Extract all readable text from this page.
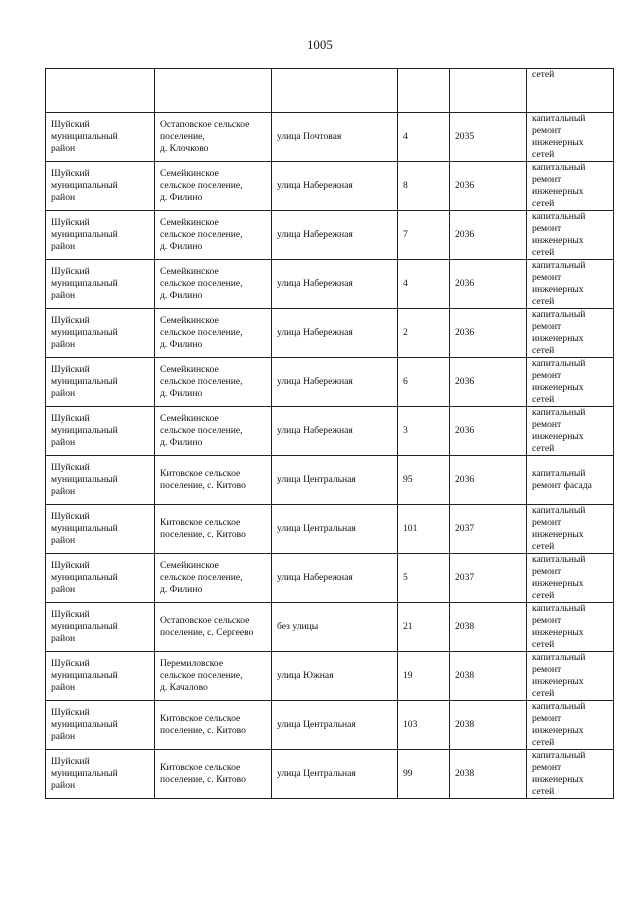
1005
					сетей
Шуйский
муниципальный
район	Остаповское сельское
поселение,
д. Клочково	улица Почтовая	4	2035	капитальный
ремонт
инженерных
сетей
Шуйский
муниципальный
район	Семейкинское
сельское поселение,
д. Филино	улица Набережная	8	2036	капитальный
ремонт
инженерных
сетей
Шуйский
муниципальный
район	Семейкинское
сельское поселение,
д. Филино	улица Набережная	7	2036	капитальный
ремонт
инженерных
сетей
Шуйский
муниципальный
район	Семейкинское
сельское поселение,
д. Филино	улица Набережная	4	2036	капитальный
ремонт
инженерных
сетей
Шуйский
муниципальный
район	Семейкинское
сельское поселение,
д. Филино	улица Набережная	2	2036	капитальный
ремонт
инженерных
сетей
Шуйский
муниципальный
район	Семейкинское
сельское поселение,
д. Филино	улица Набережная	6	2036	капитальный
ремонт
инженерных
сетей
Шуйский
муниципальный
район	Семейкинское
сельское поселение,
д. Филино	улица Набережная	3	2036	капитальный
ремонт
инженерных
сетей
Шуйский
муниципальный
район	Китовское сельское
поселение, с. Китово	улица Центральная	95	2036	капитальный
ремонт фасада
Шуйский
муниципальный
район	Китовское сельское
поселение, с. Китово	улица Центральная	101	2037	капитальный
ремонт
инженерных
сетей
Шуйский
муниципальный
район	Семейкинское
сельское поселение,
д. Филино	улица Набережная	5	2037	капитальный
ремонт
инженерных
сетей
Шуйский
муниципальный
район	Остаповское сельское
поселение, с. Сергеево	без улицы	21	2038	капитальный
ремонт
инженерных
сетей
Шуйский
муниципальный
район	Перемиловское
сельское поселение,
д. Качалово	улица Южная	19	2038	капитальный
ремонт
инженерных
сетей
Шуйский
муниципальный
район	Китовское сельское
поселение, с. Китово	улица Центральная	103	2038	капитальный
ремонт
инженерных
сетей
Шуйский
муниципальный
район	Китовское сельское
поселение, с. Китово	улица Центральная	99	2038	капитальный
ремонт
инженерных
сетей
